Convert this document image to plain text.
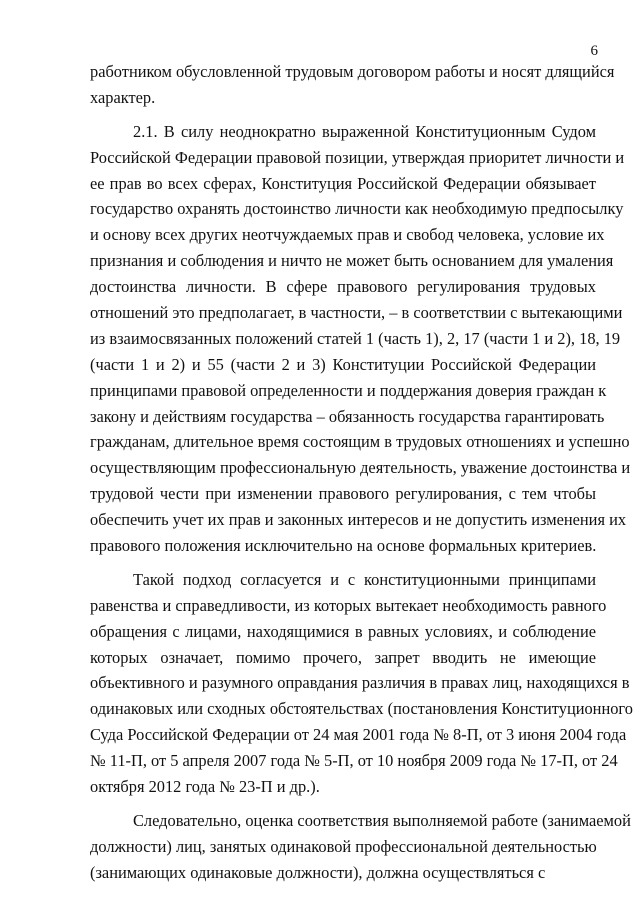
6
работником обусловленной трудовым договором работы и носят длящийся
характер.
2.1. В силу неоднократно выраженной Конституционным Судом
Российской Федерации правовой позиции, утверждая приоритет личности и
ее прав во всех сферах, Конституция Российской Федерации обязывает
государство охранять достоинство личности как необходимую предпосылку
и основу всех других неотчуждаемых прав и свобод человека, условие их
признания и соблюдения и ничто не может быть основанием для умаления
достоинства личности. В сфере правового регулирования трудовых
отношений это предполагает, в частности, – в соответствии с вытекающими
из взаимосвязанных положений статей 1 (часть 1), 2, 17 (части 1 и 2), 18, 19
(части 1 и 2) и 55 (части 2 и 3) Конституции Российской Федерации
принципами правовой определенности и поддержания доверия граждан к
закону и действиям государства – обязанность государства гарантировать
гражданам, длительное время состоящим в трудовых отношениях и успешно
осуществляющим профессиональную деятельность, уважение достоинства и
трудовой чести при изменении правового регулирования, с тем чтобы
обеспечить учет их прав и законных интересов и не допустить изменения их
правового положения исключительно на основе формальных критериев.
Такой подход согласуется и с конституционными принципами
равенства и справедливости, из которых вытекает необходимость равного
обращения с лицами, находящимися в равных условиях, и соблюдение
которых означает, помимо прочего, запрет вводить не имеющие
объективного и разумного оправдания различия в правах лиц, находящихся в
одинаковых или сходных обстоятельствах (постановления Конституционного
Суда Российской Федерации от 24 мая 2001 года № 8-П, от 3 июня 2004 года
№ 11-П, от 5 апреля 2007 года № 5-П, от 10 ноября 2009 года № 17-П, от 24
октября 2012 года № 23-П и др.).
Следовательно, оценка соответствия выполняемой работе (занимаемой
должности) лиц, занятых одинаковой профессиональной деятельностью
(занимающих одинаковые должности), должна осуществляться с
